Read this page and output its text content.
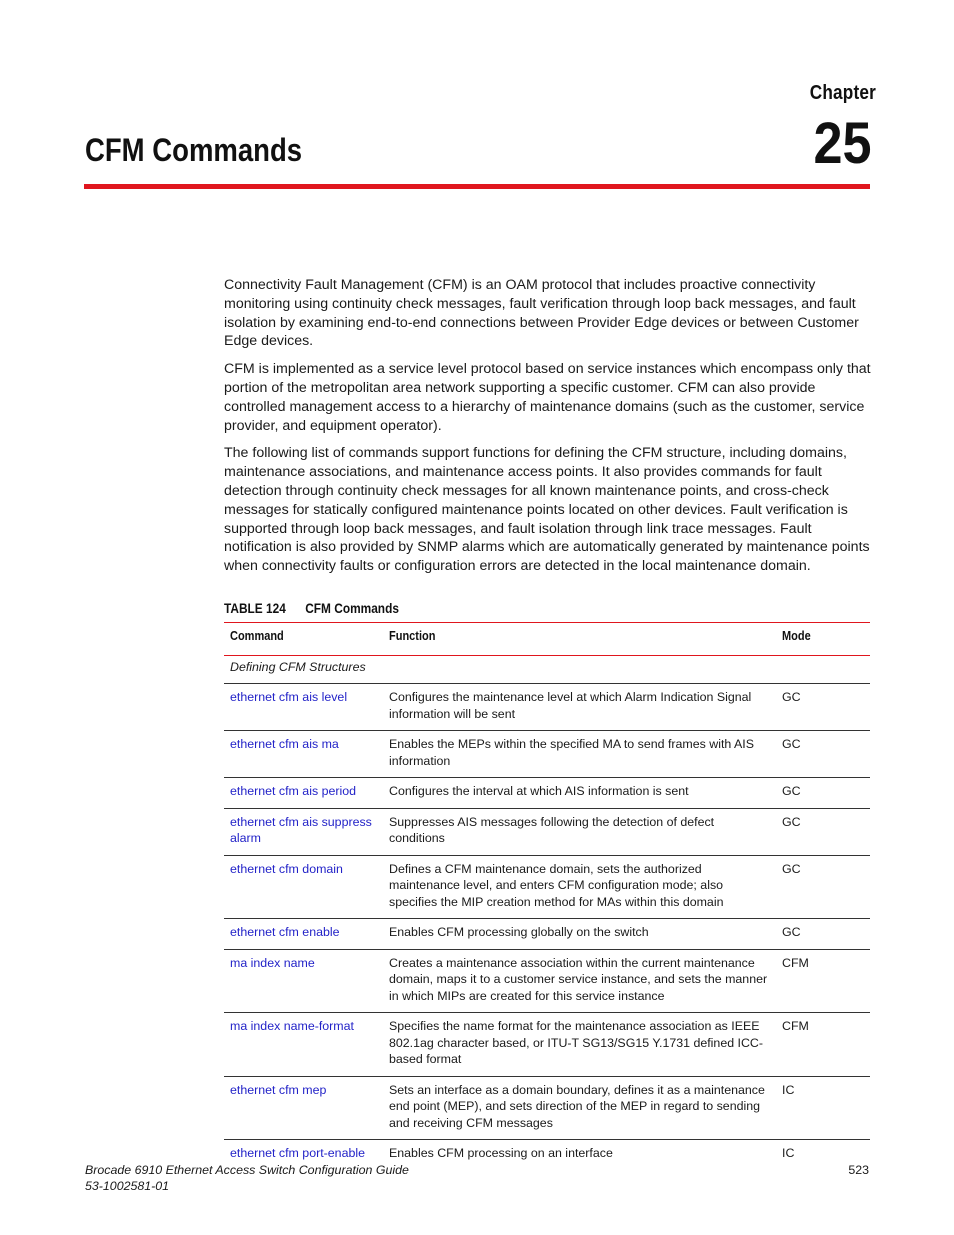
Chapter
25
CFM Commands

Connectivity Fault Management (CFM) is an OAM protocol that includes proactive connectivity monitoring using continuity check messages, fault verification through loop back messages, and fault isolation by examining end-to-end connections between Provider Edge devices or between Customer Edge devices.

CFM is implemented as a service level protocol based on service instances which encompass only that portion of the metropolitan area network supporting a specific customer. CFM can also provide controlled management access to a hierarchy of maintenance domains (such as the customer, service provider, and equipment operator).

The following list of commands support functions for defining the CFM structure, including domains, maintenance associations, and maintenance access points. It also provides commands for fault detection through continuity check messages for all known maintenance points, and cross-check messages for statically configured maintenance points located on other devices. Fault verification is supported through loop back messages, and fault isolation through link trace messages. Fault notification is also provided by SNMP alarms which are automatically generated by maintenance points when connectivity faults or configuration errors are detected in the local maintenance domain.

TABLE 124 CFM Commands
Command	Function	Mode
Defining CFM Structures		
ethernet cfm ais level	Configures the maintenance level at which Alarm Indication Signal information will be sent	GC
ethernet cfm ais ma	Enables the MEPs within the specified MA to send frames with AIS information	GC
ethernet cfm ais period	Configures the interval at which AIS information is sent	GC
ethernet cfm ais suppress alarm	Suppresses AIS messages following the detection of defect conditions	GC
ethernet cfm domain	Defines a CFM maintenance domain, sets the authorized maintenance level, and enters CFM configuration mode; also specifies the MIP creation method for MAs within this domain	GC
ethernet cfm enable	Enables CFM processing globally on the switch	GC
ma index name	Creates a maintenance association within the current maintenance domain, maps it to a customer service instance, and sets the manner in which MIPs are created for this service instance	CFM
ma index name-format	Specifies the name format for the maintenance association as IEEE 802.1ag character based, or ITU-T SG13/SG15 Y.1731 defined ICC-based format	CFM
ethernet cfm mep	Sets an interface as a domain boundary, defines it as a maintenance end point (MEP), and sets direction of the MEP in regard to sending and receiving CFM messages	IC
ethernet cfm port-enable	Enables CFM processing on an interface	IC
Brocade 6910 Ethernet Access Switch Configuration Guide
53-1002581-01
523
